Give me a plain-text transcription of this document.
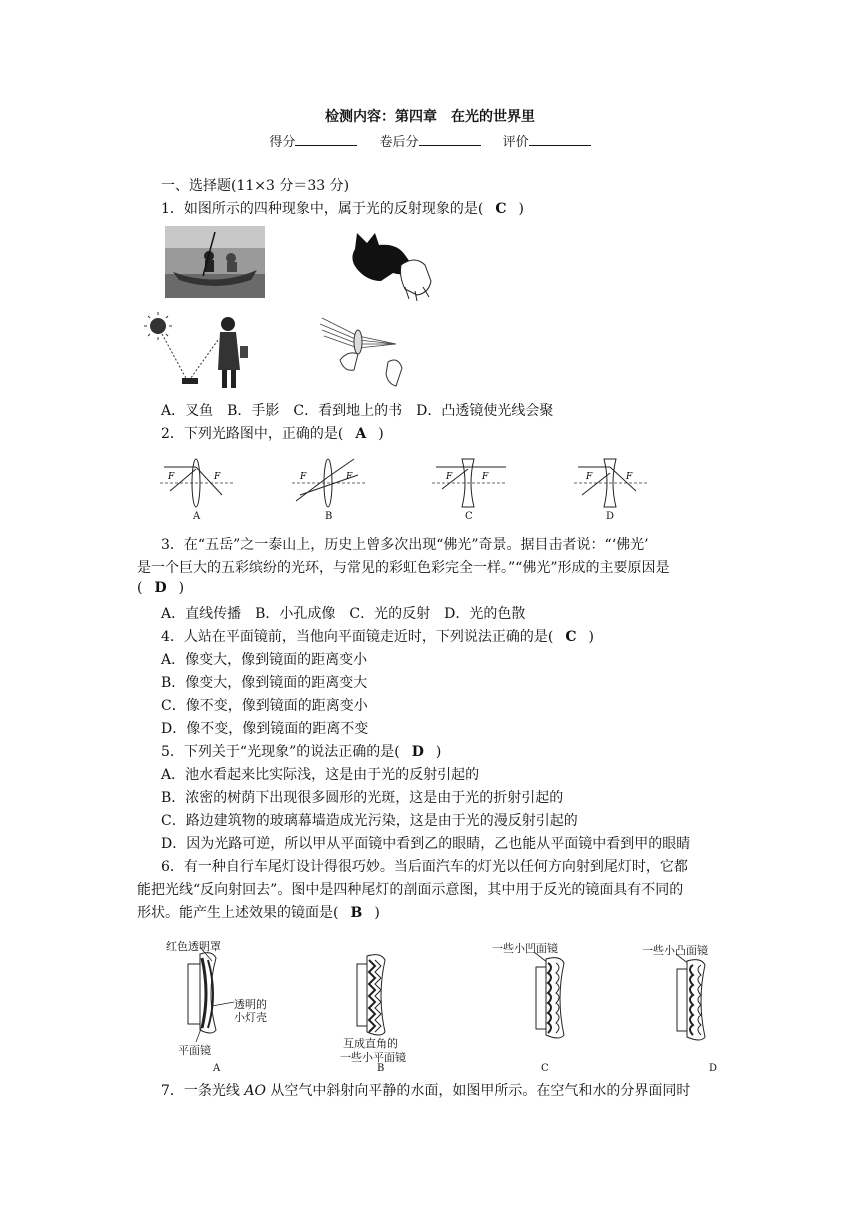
检测内容：第四章　在光的世界里
得分	卷后分	评价
一、选择题(11×3 分＝33 分)
1．如图所示的四种现象中，属于光的反射现象的是( C )
A．叉鱼　B．手影　C．看到地上的书　D．凸透镜使光线会聚
2．下列光路图中，正确的是( A )
F	F	F	F	F	F	F	F
A	B	C	D
3．在“五岳”之一泰山上，历史上曾多次出现“佛光”奇景。据目击者说：“‘佛光’
是一个巨大的五彩缤纷的光环，与常见的彩虹色彩完全一样。”“佛光”形成的主要原因是
( D )
A．直线传播　B．小孔成像　C．光的反射　D．光的色散
4．人站在平面镜前，当他向平面镜走近时，下列说法正确的是( C )
A．像变大，像到镜面的距离变小
B．像变大，像到镜面的距离变大
C．像不变，像到镜面的距离变小
D．像不变，像到镜面的距离不变
5．下列关于“光现象”的说法正确的是( D )
A．池水看起来比实际浅，这是由于光的反射引起的
B．浓密的树荫下出现很多圆形的光斑，这是由于光的折射引起的
C．路边建筑物的玻璃幕墙造成光污染，这是由于光的漫反射引起的
D．因为光路可逆，所以甲从平面镜中看到乙的眼睛，乙也能从平面镜中看到甲的眼睛
6．有一种自行车尾灯设计得很巧妙。当后面汽车的灯光以任何方向射到尾灯时，它都
能把光线“反向射回去”。图中是四种尾灯的剖面示意图，其中用于反光的镜面具有不同的
形状。能产生上述效果的镜面是( B )
红色透明罩
透明的
小灯壳
平面镜
A
互成直角的
一些小平面镜
B
一些小凹面镜
C
一些小凸面镜
D
7．一条光线 AO 从空气中斜射向平静的水面，如图甲所示。在空气和水的分界面同时
